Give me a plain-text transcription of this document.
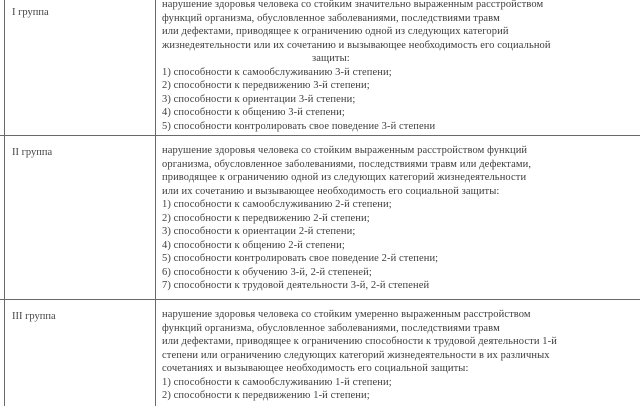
I группа
нарушение здоровья человека со стойким значительно выраженным расстройством
функций организма, обусловленное заболеваниями, последствиями травм
или дефектами, приводящее к ограничению одной из следующих категорий
жизнедеятельности или их сочетанию и вызывающее необходимость его социальной
защиты:
1) способности к самообслуживанию 3-й степени;
2) способности к передвижению 3-й степени;
3) способности к ориентации 3-й степени;
4) способности к общению 3-й степени;
5) способности контролировать свое поведение 3-й степени
II группа	нарушение здоровья человека со стойким выраженным расстройством функций
организма, обусловленное заболеваниями, последствиями травм или дефектами,
приводящее к ограничению одной из следующих категорий жизнедеятельности
или их сочетанию и вызывающее необходимость его социальной защиты:
1) способности к самообслуживанию 2-й степени;
2) способности к передвижению 2-й степени;
3) способности к ориентации 2-й степени;
4) способности к общению 2-й степени;
5) способности контролировать свое поведение 2-й степени;
6) способности к обучению 3-й, 2-й степеней;
7) способности к трудовой деятельности 3-й, 2-й степеней
III группа	нарушение здоровья человека со стойким умеренно выраженным расстройством
функций организма, обусловленное заболеваниями, последствиями травм
или дефектами, приводящее к ограничению способности к трудовой деятельности 1-й
степени или ограничению следующих категорий жизнедеятельности в их различных
сочетаниях и вызывающее необходимость его социальной защиты:
1) способности к самообслуживанию 1-й степени;
2) способности к передвижению 1-й степени;
